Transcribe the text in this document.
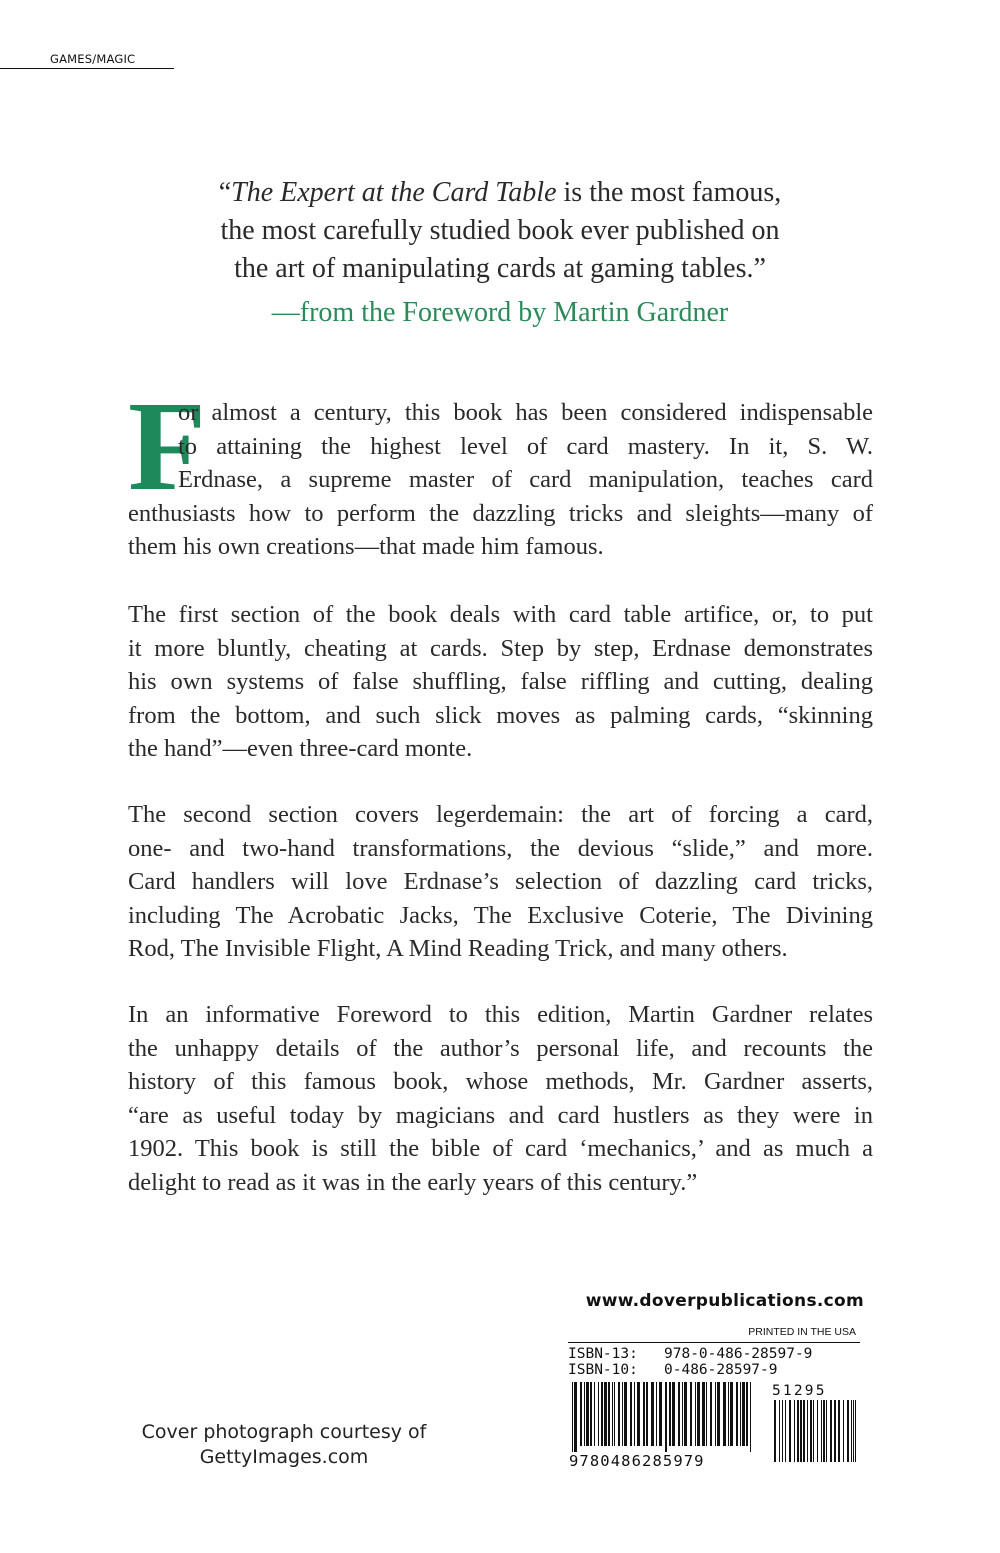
GAMES/MAGIC
“The Expert at the Card Table is the most famous,
the most carefully studied book ever published on
the art of manipulating cards at gaming tables.”
—from the Foreword by Martin Gardner
F
or almost a century, this book has been considered indispensable
to attaining the highest level of card mastery. In it, S. W.
Erdnase, a supreme master of card manipulation, teaches card
enthusiasts how to perform the dazzling tricks and sleights—many of
them his own creations—that made him famous.
The first section of the book deals with card table artifice, or, to put
it more bluntly, cheating at cards. Step by step, Erdnase demonstrates
his own systems of false shuffling, false riffling and cutting, dealing
from the bottom, and such slick moves as palming cards, “skinning
the hand”—even three-card monte.
The second section covers legerdemain: the art of forcing a card,
one- and two-hand transformations, the devious “slide,” and more.
Card handlers will love Erdnase’s selection of dazzling card tricks,
including The Acrobatic Jacks, The Exclusive Coterie, The Divining
Rod, The Invisible Flight, A Mind Reading Trick, and many others.
In an informative Foreword to this edition, Martin Gardner relates
the unhappy details of the author’s personal life, and recounts the
history of this famous book, whose methods, Mr. Gardner asserts,
“are as useful today by magicians and card hustlers as they were in
1902. This book is still the bible of card ‘mechanics,’ and as much a
delight to read as it was in the early years of this century.”
www.doverpublications.com
PRINTED IN THE USA
ISBN-13: 978-0-486-28597-9
ISBN-10: 0-486-28597-9
9780486285979
51295
Cover photograph courtesy of
GettyImages.com
